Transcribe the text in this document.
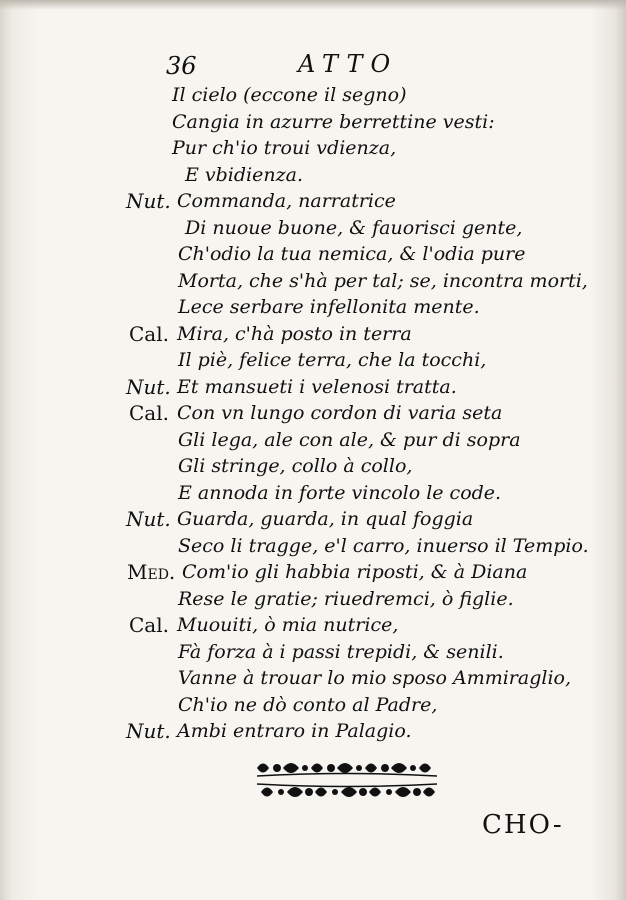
36	ATTO
Il cielo (eccone il segno)
Cangia in azurre berrettine vesti:
Pur ch'io troui vdienza,
E vbidienza.
Nut. Commanda, narratrice
Di nuoue buone, & fauorisci gente,
Ch'odio la tua nemica, & l'odia pure
Morta, che s'hà per tal; se, incontra morti,
Lece serbare infellonita mente.
Cal. Mira, c'hà posto in terra
Il piè, felice terra, che la tocchi,
Nut. Et mansueti i velenosi tratta.
Cal. Con vn lungo cordon di varia seta
Gli lega, ale con ale, & pur di sopra
Gli stringe, collo à collo,
E annoda in forte vincolo le code.
Nut. Guarda, guarda, in qual foggia
Seco li tragge, e'l carro, inuerso il Tempio.
Med. Com'io gli habbia riposti, & à Diana
Rese le gratie; riuedremci, ò figlie.
Cal. Muouiti, ò mia nutrice,
Fà forza à i passi trepidi, & senili.
Vanne à trouar lo mio sposo Ammiraglio,
Ch'io ne dò conto al Padre,
Nut. Ambi entraro in Palagio.
CHO-
